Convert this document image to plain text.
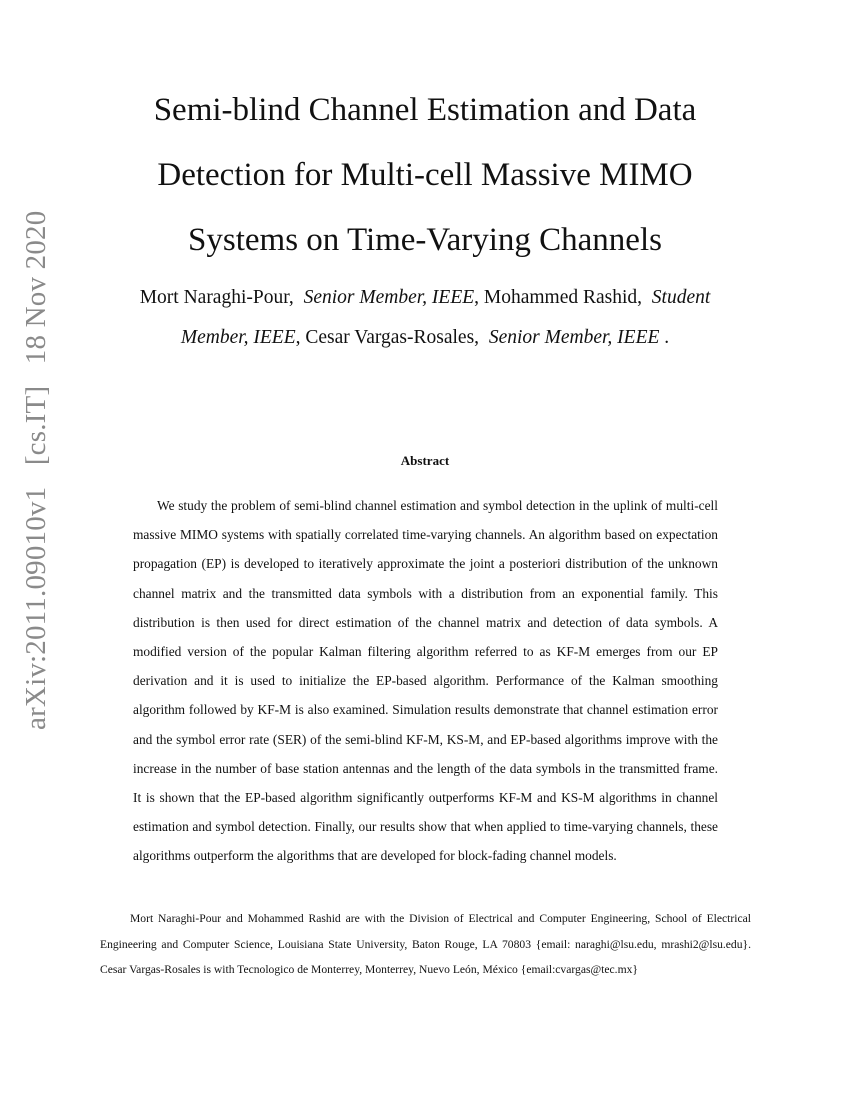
arXiv:2011.09010v1 [cs.IT] 18 Nov 2020
Semi-blind Channel Estimation and Data
Detection for Multi-cell Massive MIMO
Systems on Time-Varying Channels
Mort Naraghi-Pour, Senior Member, IEEE, Mohammed Rashid, Student
Member, IEEE, Cesar Vargas-Rosales, Senior Member, IEEE .
Abstract

We study the problem of semi-blind channel estimation and symbol detection in the uplink of multi-cell massive MIMO systems with spatially correlated time-varying channels. An algorithm based on expectation propagation (EP) is developed to iteratively approximate the joint a posteriori distribution of the unknown channel matrix and the transmitted data symbols with a distribution from an exponential family. This distribution is then used for direct estimation of the channel matrix and detection of data symbols. A modified version of the popular Kalman filtering algorithm referred to as KF-M emerges from our EP derivation and it is used to initialize the EP-based algorithm. Performance of the Kalman smoothing algorithm followed by KF-M is also examined. Simulation results demonstrate that channel estimation error and the symbol error rate (SER) of the semi-blind KF-M, KS-M, and EP-based algorithms improve with the increase in the number of base station antennas and the length of the data symbols in the transmitted frame. It is shown that the EP-based algorithm significantly outperforms KF-M and KS-M algorithms in channel estimation and symbol detection. Finally, our results show that when applied to time-varying channels, these algorithms outperform the algorithms that are developed for block-fading channel models.

Mort Naraghi-Pour and Mohammed Rashid are with the Division of Electrical and Computer Engineering, School of Electrical Engineering and Computer Science, Louisiana State University, Baton Rouge, LA 70803 {email: naraghi@lsu.edu, mrashi2@lsu.edu}. Cesar Vargas-Rosales is with Tecnologico de Monterrey, Monterrey, Nuevo León, México {email:cvargas@tec.mx}
